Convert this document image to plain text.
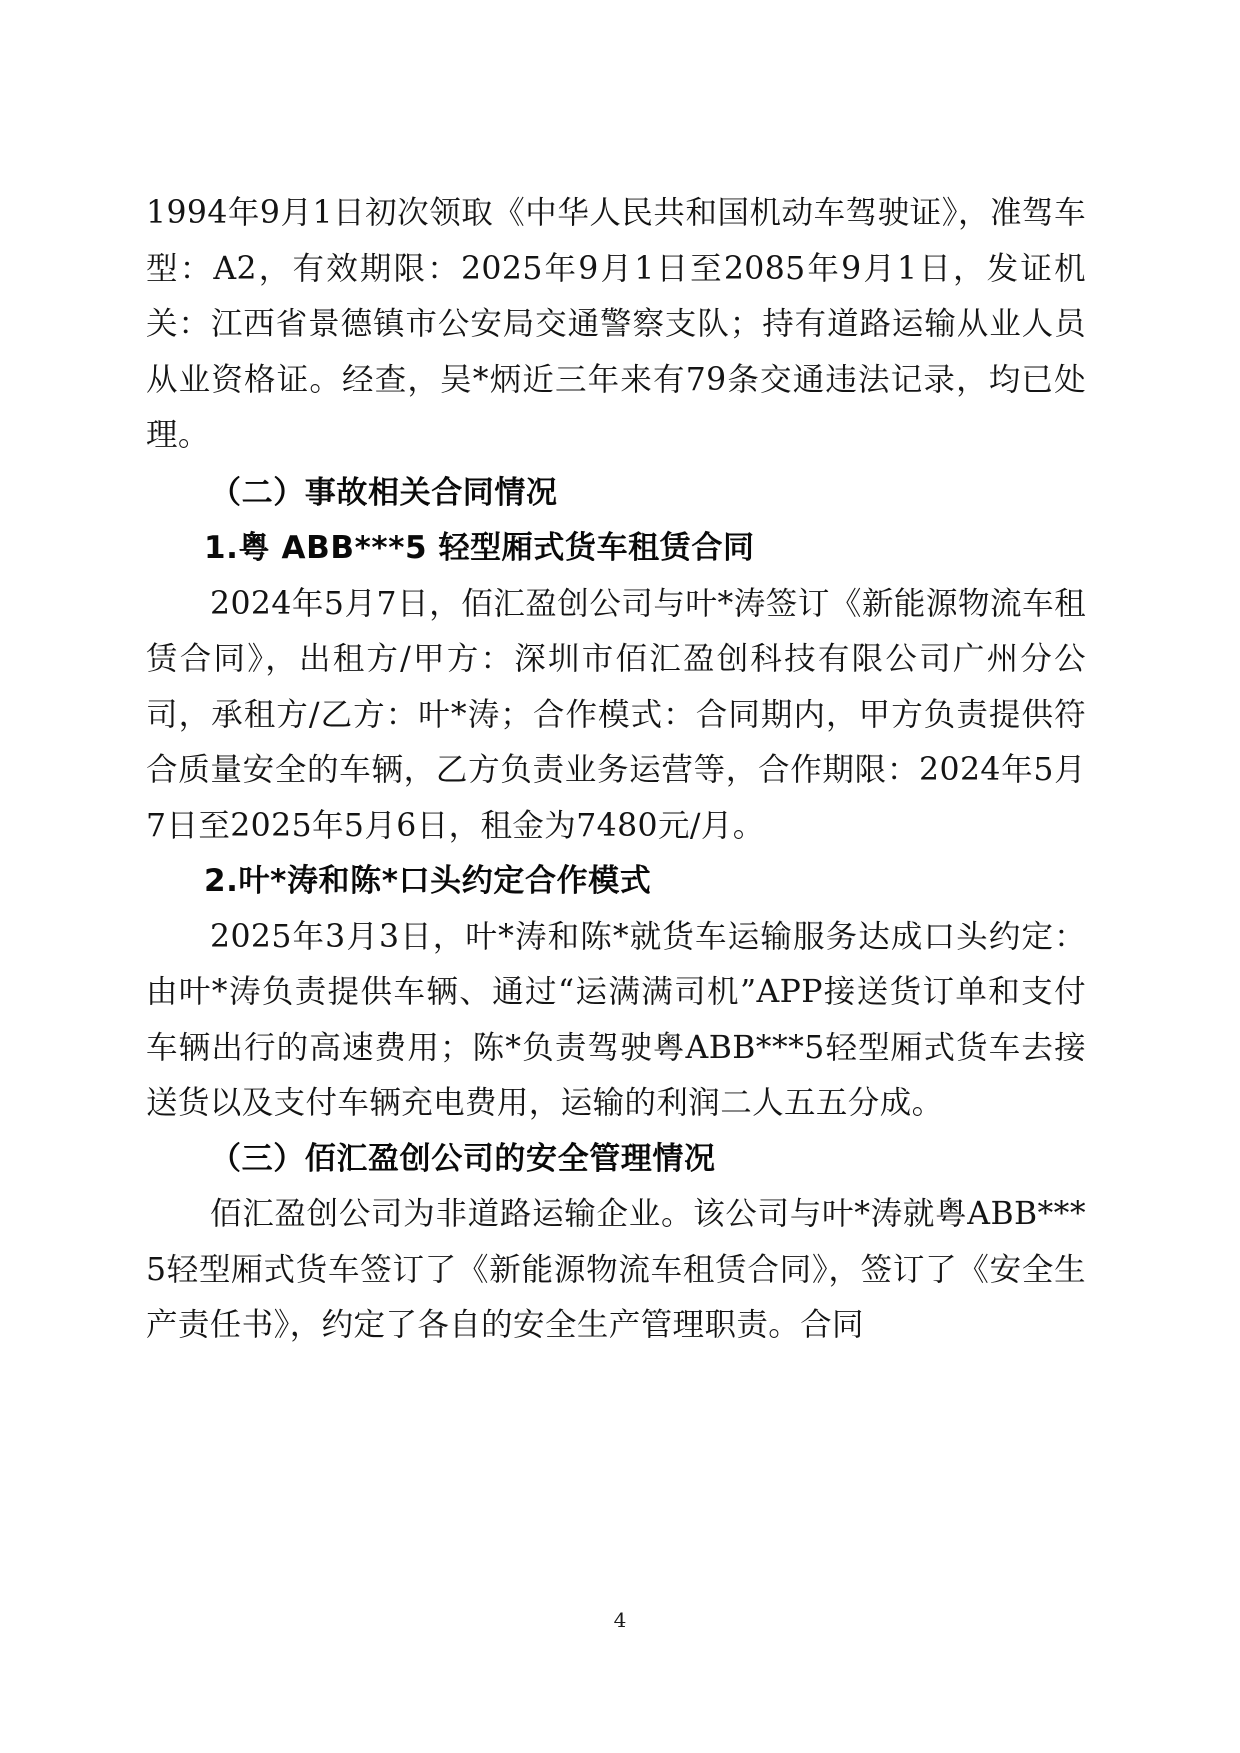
1994年9月1日初次领取《中华人民共和国机动车驾驶证》，准驾车型：A2，有效期限：2025年9月1日至2085年9月1日，发证机关：江西省景德镇市公安局交通警察支队；持有道路运输从业人员从业资格证。经查，吴*炳近三年来有79条交通违法记录，均已处理。

（二）事故相关合同情况
1.粤 ABB***5 轻型厢式货车租赁合同

2024年5月7日，佰汇盈创公司与叶*涛签订《新能源物流车租赁合同》，出租方/甲方：深圳市佰汇盈创科技有限公司广州分公司，承租方/乙方：叶*涛；合作模式：合同期内，甲方负责提供符合质量安全的车辆，乙方负责业务运营等，合作期限：2024年5月7日至2025年5月6日，租金为7480元/月。

2.叶*涛和陈*口头约定合作模式

2025年3月3日，叶*涛和陈*就货车运输服务达成口头约定：由叶*涛负责提供车辆、通过“运满满司机”APP接送货订单和支付车辆出行的高速费用；陈*负责驾驶粤ABB***5轻型厢式货车去接送货以及支付车辆充电费用，运输的利润二人五五分成。

（三）佰汇盈创公司的安全管理情况

佰汇盈创公司为非道路运输企业。该公司与叶*涛就粤ABB***5轻型厢式货车签订了《新能源物流车租赁合同》，签订了《安全生产责任书》，约定了各自的安全生产管理职责。合同

4
